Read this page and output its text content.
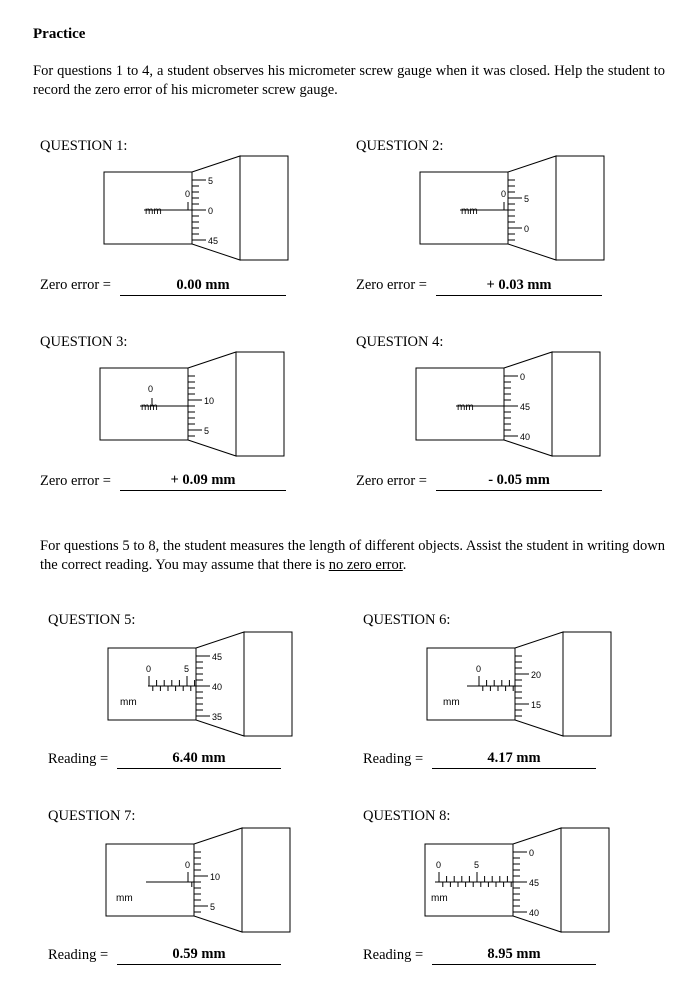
Practice
For questions 1 to 4, a student observes his micrometer screw gauge when it was closed. Help the student to record the zero error of his micrometer screw gauge.
QUESTION 1:	QUESTION 2:
QUESTION 3:	QUESTION 4:
mm
0
5
0
45
mm
0 5
0
Zero error =	0.00 mm	Zero error =	+ 0.03 mm
mm
0
10
5
mm
0
45
40
Zero error =	+ 0.09 mm	Zero error =	- 0.05 mm
For questions 5 to 8, the student measures the length of different objects. Assist the student in writing down the correct reading. You may assume that there is no zero error.
QUESTION 5:	QUESTION 6:
mm
0	5
45
40
35
mm
0
20
15
Reading =	6.40 mm	Reading =	4.17 mm
QUESTION 7:	QUESTION 8:
mm
0
10
5
mm
0	5
0
45
40
Reading =	0.59 mm	Reading =	8.95 mm
